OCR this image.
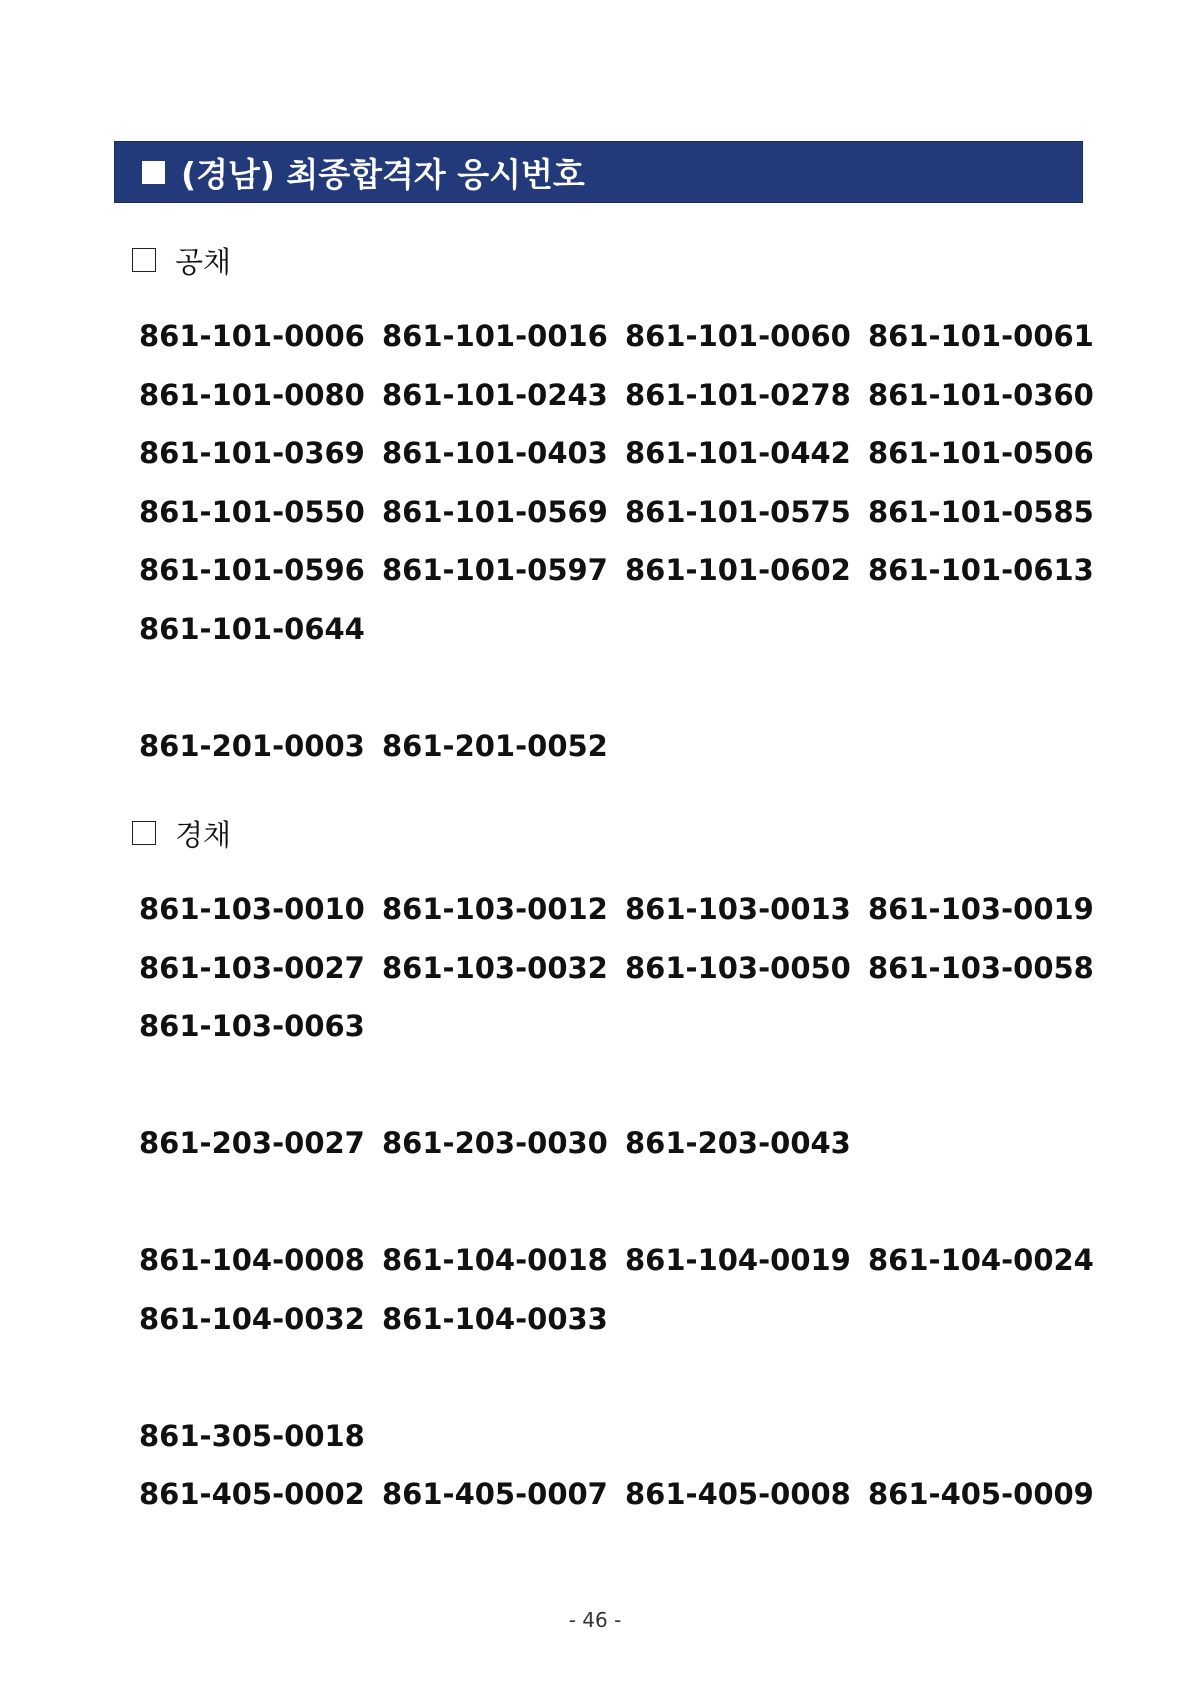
(경남) 최종합격자 응시번호
공채
861-101-0006 861-101-0016 861-101-0060 861-101-0061
861-101-0080 861-101-0243 861-101-0278 861-101-0360
861-101-0369 861-101-0403 861-101-0442 861-101-0506
861-101-0550 861-101-0569 861-101-0575 861-101-0585
861-101-0596 861-101-0597 861-101-0602 861-101-0613
861-101-0644
861-201-0003 861-201-0052
경채
861-103-0010 861-103-0012 861-103-0013 861-103-0019
861-103-0027 861-103-0032 861-103-0050 861-103-0058
861-103-0063
861-203-0027 861-203-0030 861-203-0043
861-104-0008 861-104-0018 861-104-0019 861-104-0024
861-104-0032 861-104-0033
861-305-0018
861-405-0002 861-405-0007 861-405-0008 861-405-0009
- 46 -
